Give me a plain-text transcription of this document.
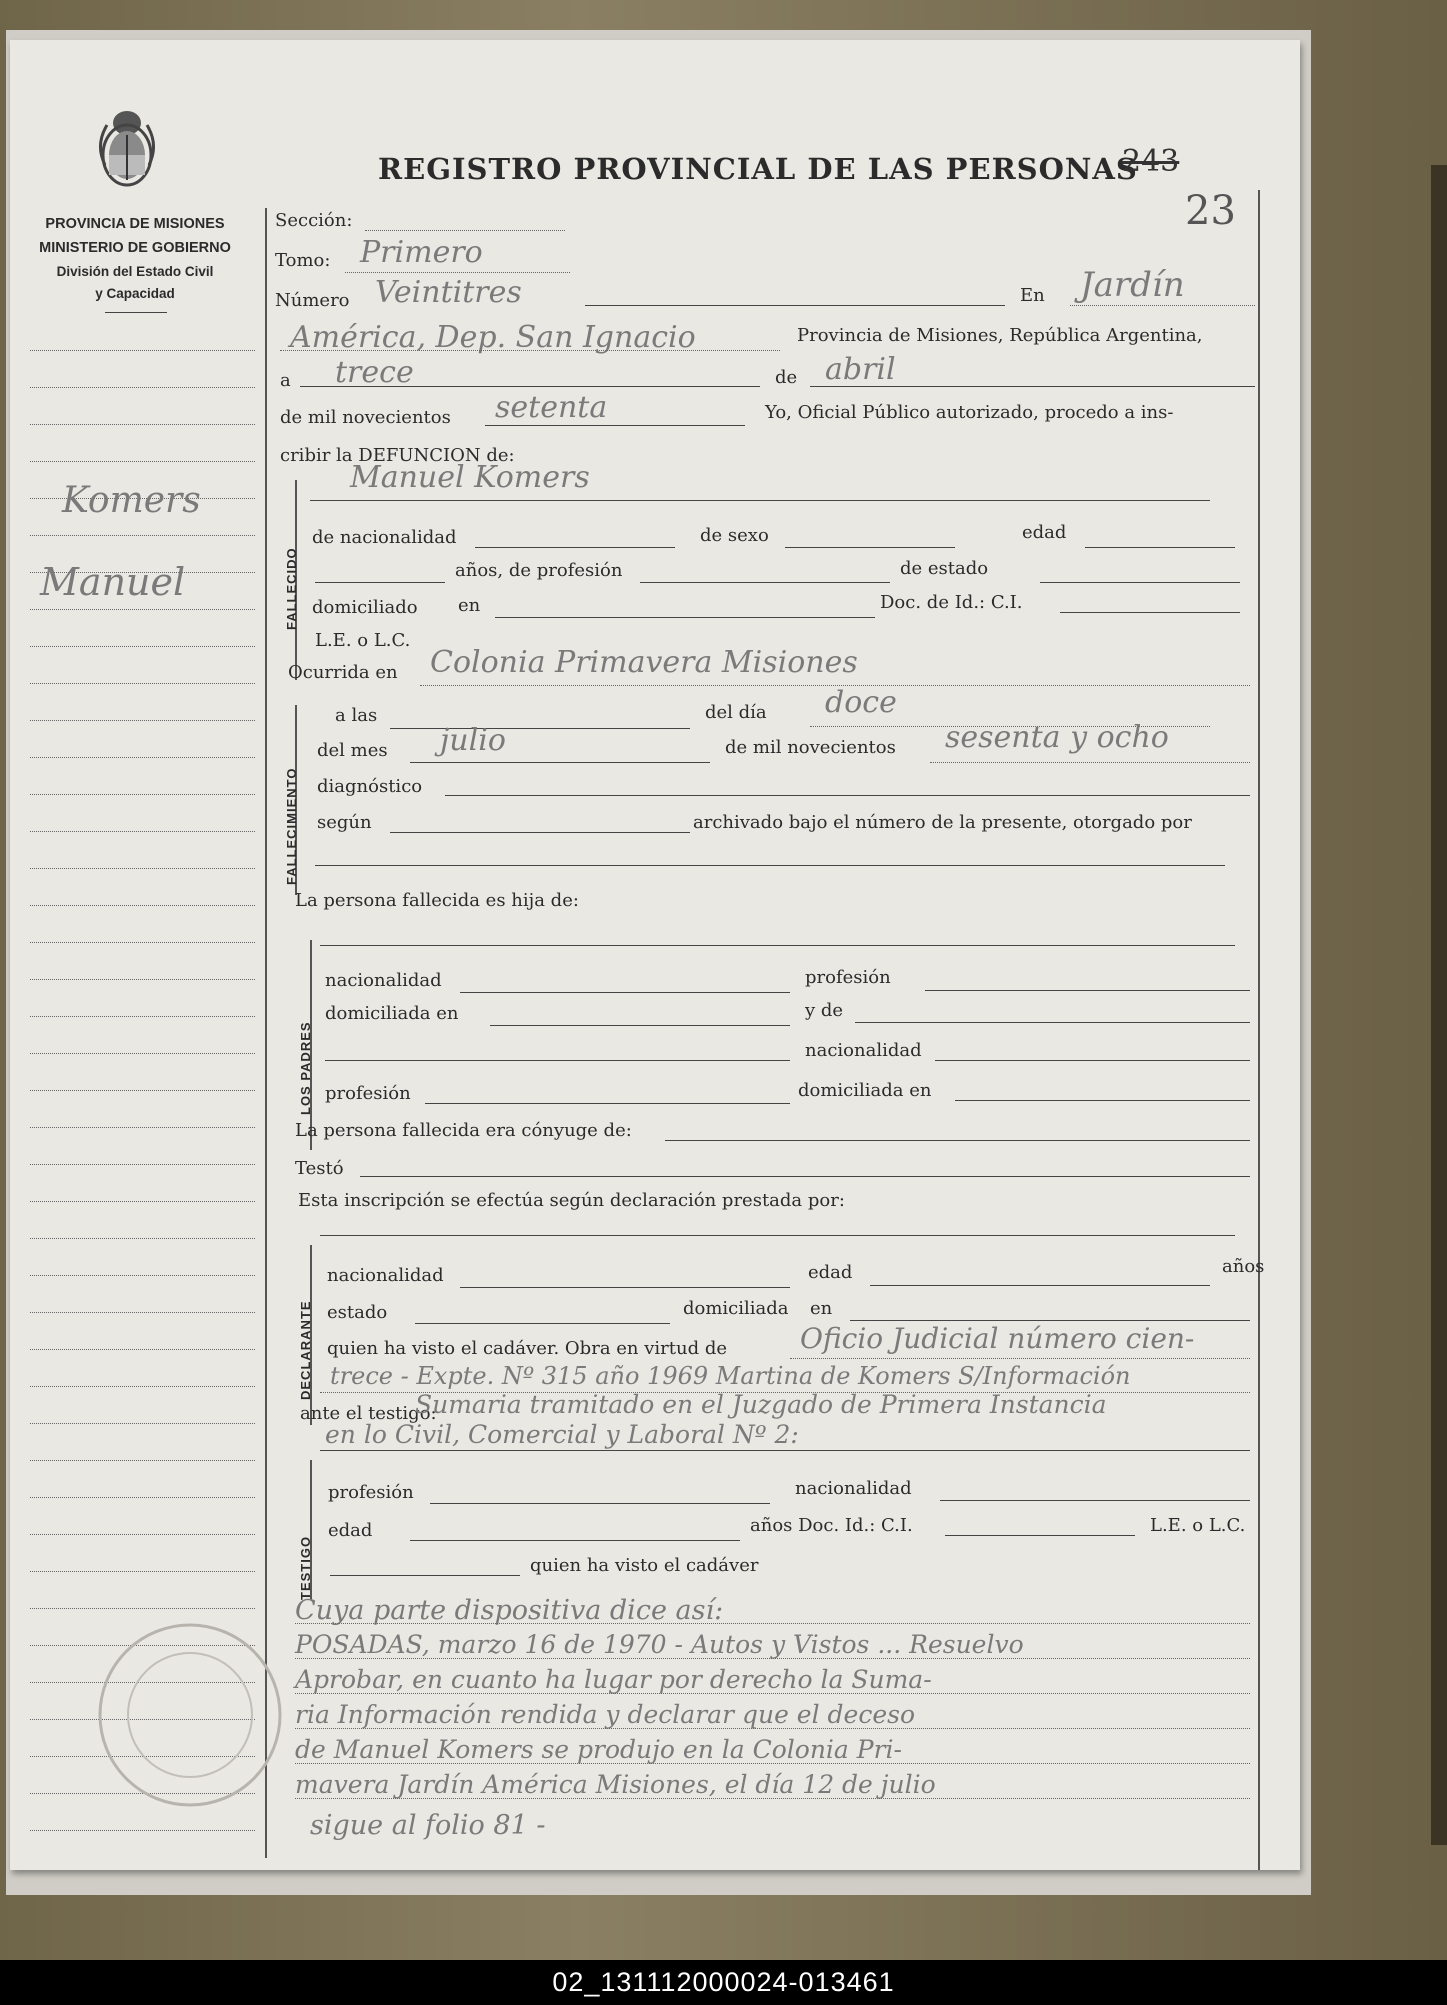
PROVINCIA DE MISIONES
MINISTERIO DE GOBIERNO
División del Estado Civil
y Capacidad
REGISTRO PROVINCIAL DE LAS PERSONAS
243
23
Komers
Manuel
Sección:
Tomo: Primero
Número Veintitres	En Jardín
América, Dep. San Ignacio	Provincia de Misiones, República Argentina,
a trece	de abril
de mil novecientos setenta	Yo, Oficial Público autorizado, procedo a ins-
cribir la DEFUNCION de:
FALLECIDO
Manuel Komers
de nacionalidad	de sexo	edad
años, de profesión	de estado
domiciliado en	Doc. de Id.: C.I.
L.E. o L.C.
Ocurrida en Colonia Primavera Misiones
FALLECIMIENTO
a las	del día doce
del mes julio	de mil novecientos sesenta y ocho
diagnóstico
según	archivado bajo el número de la presente, otorgado por
La persona fallecida es hija de:
LOS PADRES
nacionalidad	profesión
domiciliada en	y de
nacionalidad
profesión	domiciliada en
La persona fallecida era cónyuge de:
Testó
Esta inscripción se efectúa según declaración prestada por:
DECLARANTE
nacionalidad	edad	años
estado	domiciliada en
quien ha visto el cadáver. Obra en virtud de	Oficio Judicial número cien-
trece - Expte. Nº 315 año 1969 Martina de Komers S/Información
ante el testigo:
Sumaria tramitado en el Juzgado de Primera Instancia
en lo Civil, Comercial y Laboral Nº 2:
TESTIGO
profesión	nacionalidad
edad	años Doc. Id.: C.I.	L.E. o L.C.
quien ha visto el cadáver
Cuya parte dispositiva dice así:
POSADAS, marzo 16 de 1970 - Autos y Vistos ... Resuelvo
Aprobar, en cuanto ha lugar por derecho la Suma-
ria Información rendida y declarar que el deceso
de Manuel Komers se produjo en la Colonia Pri-
mavera Jardín América Misiones, el día 12 de julio
sigue al folio 81 -
02_131112000024-013461
